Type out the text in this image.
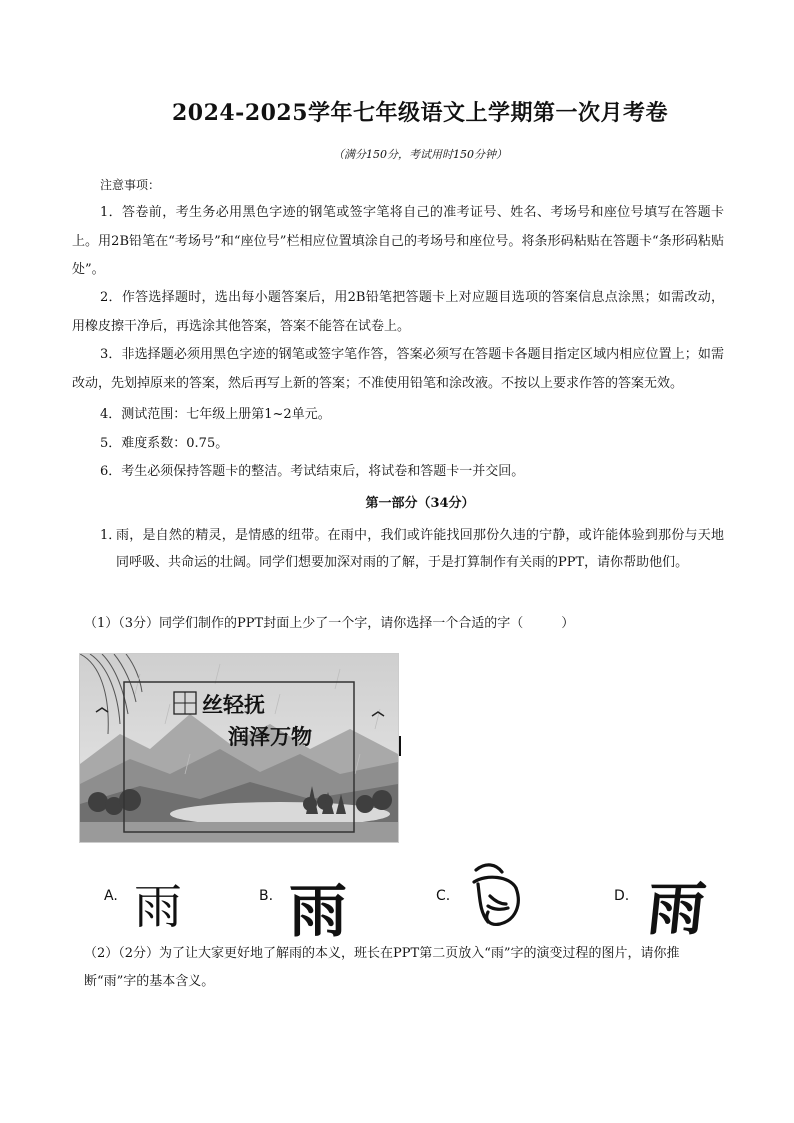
2024-2025学年七年级语文上学期第一次月考卷
（满分150分，考试用时150分钟）
注意事项：

1．答卷前，考生务必用黑色字迹的钢笔或签字笔将自己的准考证号、姓名、考场号和座位号填写在答题卡上。用2B铅笔在“考场号”和“座位号”栏相应位置填涂自己的考场号和座位号。将条形码粘贴在答题卡“条形码粘贴处”。

2．作答选择题时，选出每小题答案后，用2B铅笔把答题卡上对应题目选项的答案信息点涂黑；如需改动，用橡皮擦干净后，再选涂其他答案，答案不能答在试卷上。

3．非选择题必须用黑色字迹的钢笔或签字笔作答，答案必须写在答题卡各题目指定区域内相应位置上；如需改动，先划掉原来的答案，然后再写上新的答案；不准使用铅笔和涂改液。不按以上要求作答的答案无效。

4．测试范围：七年级上册第1~2单元。

5．难度系数：0.75。

6．考生必须保持答题卡的整洁。考试结束后，将试卷和答题卡一并交回。

第一部分（34分）
1．
雨，是自然的精灵，是情感的纽带。在雨中，我们或许能找回那份久违的宁静，或许能体验到那份与天地同呼吸、共命运的壮阔。同学们想要加深对雨的了解，于是打算制作有关雨的PPT，请你帮助他们。
（1）（3分）同学们制作的PPT封面上少了一个字，请你选择一个合适的字（	）
丝轻抚
润泽万物
A. 雨	B. 雨	C.	D. 雨
（2）（2分）为了让大家更好地了解雨的本义，班长在PPT第二页放入“雨”字的演变过程的图片，请你推
断“雨”字的基本含义。
